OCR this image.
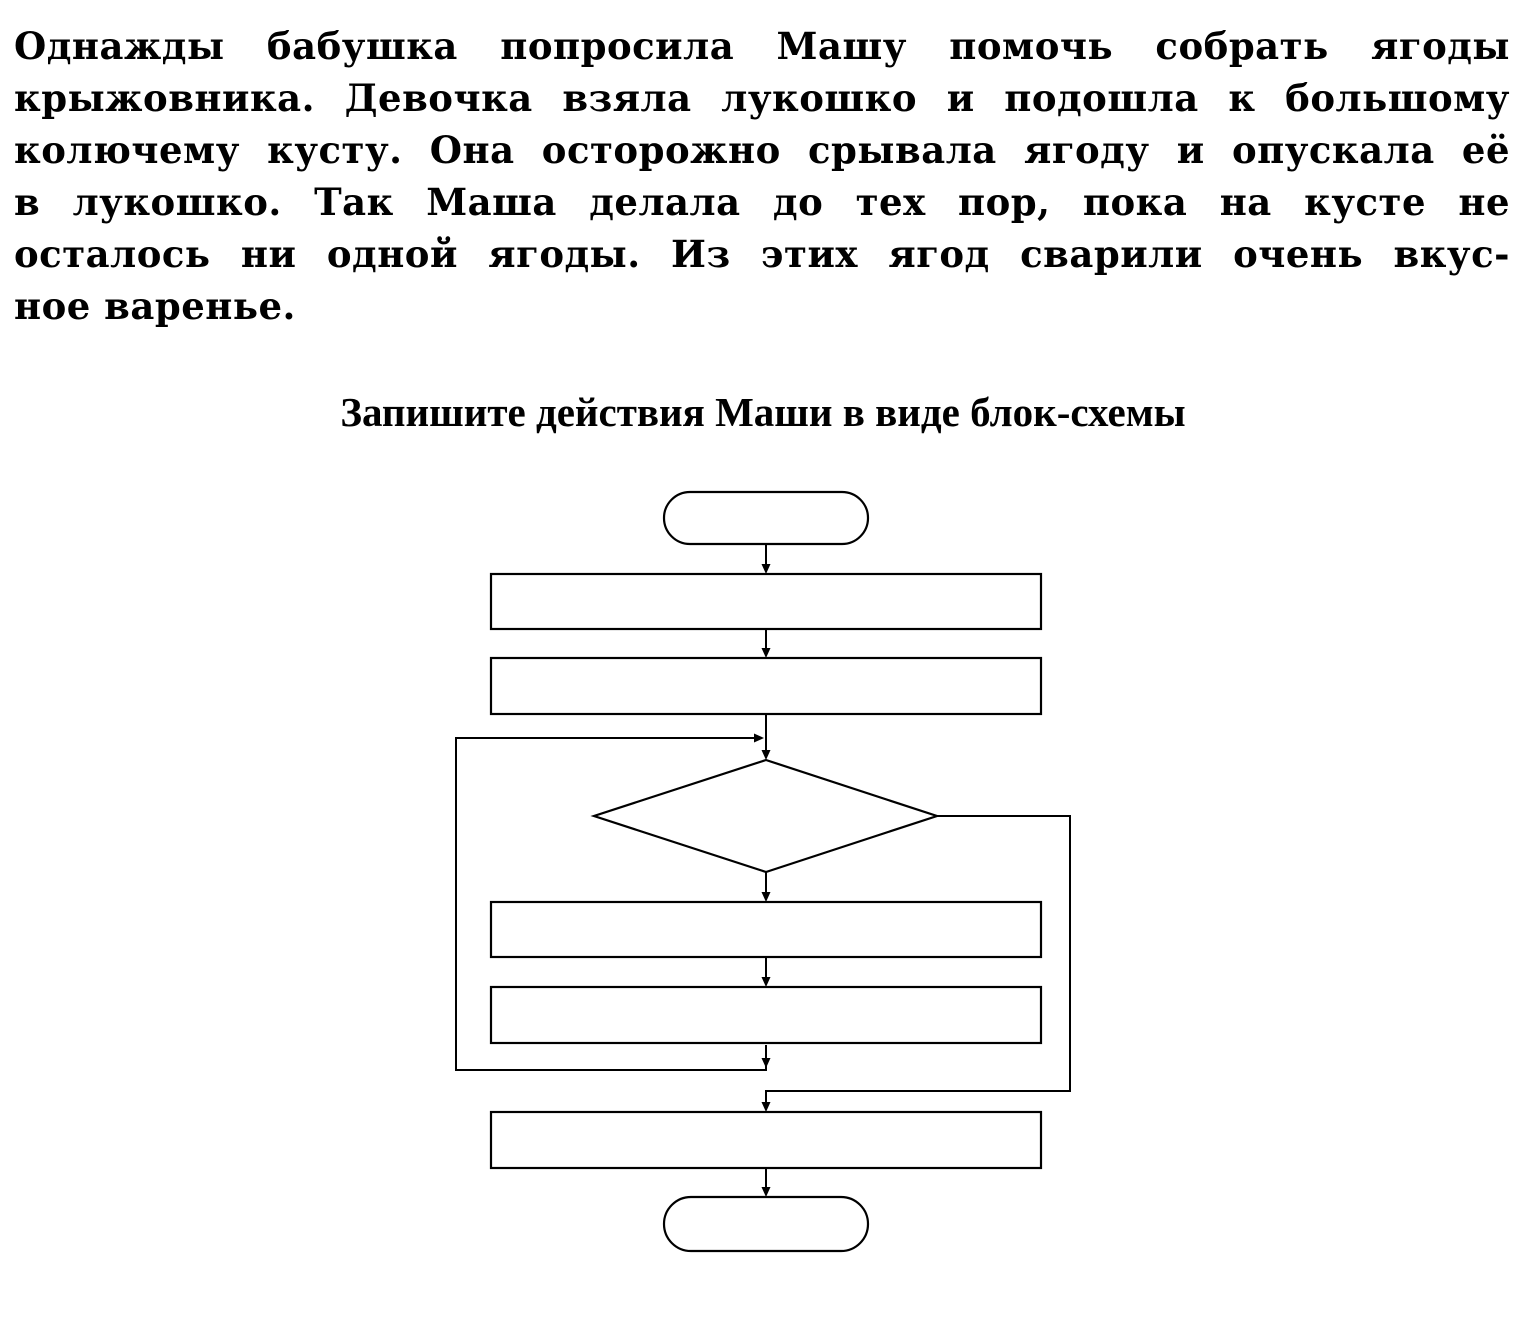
Однажды бабушка попросила Машу помочь собрать ягоды
крыжовника. Девочка взяла лукошко и подошла к большому
колючему кусту. Она осторожно срывала ягоду и опускала её
в лукошко. Так Маша делала до тех пор, пока на кусте не
осталось ни одной ягоды. Из этих ягод сварили очень вкус-
ное варенье.
Запишите действия Маши в виде блок-схемы
